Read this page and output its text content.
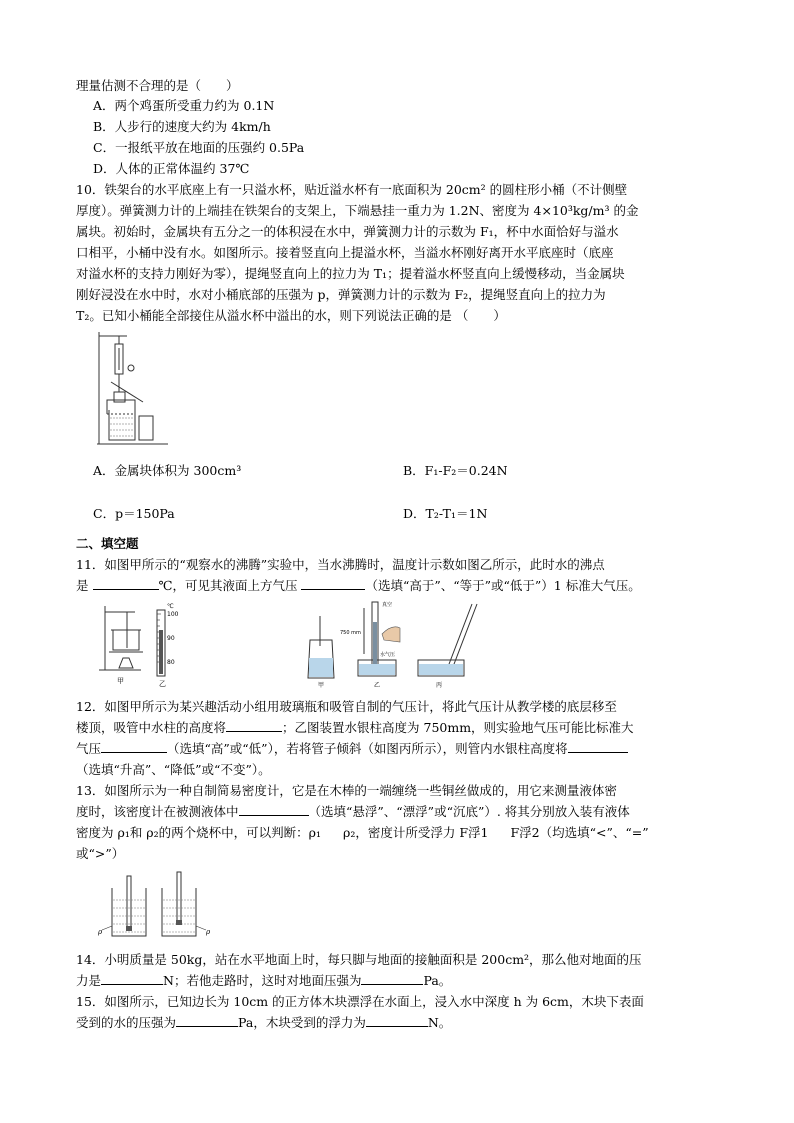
理量估测不合理的是（　　）
A．两个鸡蛋所受重力约为 0.1N
B．人步行的速度大约为 4km/h
C．一报纸平放在地面的压强约 0.5Pa
D．人体的正常体温约 37℃
10．铁架台的水平底座上有一只溢水杯，贴近溢水杯有一底面积为 20cm² 的圆柱形小桶（不计侧壁
厚度）。弹簧测力计的上端挂在铁架台的支架上，下端悬挂一重力为 1.2N、密度为 4×10³kg/m³ 的金
属块。初始时，金属块有五分之一的体积浸在水中，弹簧测力计的示数为 F₁，杯中水面恰好与溢水
口相平，小桶中没有水。如图所示。接着竖直向上提溢水杯，当溢水杯刚好离开水平底座时（底座
对溢水杯的支持力刚好为零），提绳竖直向上的拉力为 T₁；提着溢水杯竖直向上缓慢移动，当金属块
刚好浸没在水中时，水对小桶底部的压强为 p，弹簧测力计的示数为 F₂，提绳竖直向上的拉力为
T₂。已知小桶能全部接住从溢水杯中溢出的水，则下列说法正确的是 （　　）
A．金属块体积为 300cm³	B．F₁-F₂＝0.24N
C．p＝150Pa	D．T₂-T₁＝1N
二、填空题
11．如图甲所示的“观察水的沸腾”实验中，当水沸腾时，温度计示数如图乙所示，此时水的沸点
是	℃，可见其液面上方气压	（选填“高于”、“等于”或“低于”）1 标准大气压。
甲
℃
100
90
80
乙	甲
真空
750 mm
水气压
乙	丙
12．如图甲所示为某兴趣活动小组用玻璃瓶和吸管自制的气压计，将此气压计从教学楼的底层移至
楼顶，吸管中水柱的高度将	；乙图装置水银柱高度为 750mm，则实验地气压可能比标准大
气压	（选填“高”或“低”），若将管子倾斜（如图丙所示），则管内水银柱高度将
（选填“升高”、“降低”或“不变”）。
13．如图所示为一种自制简易密度计，它是在木棒的一端缠绕一些铜丝做成的，用它来测量液体密
度时，该密度计在被测液体中	（选填“悬浮”、“漂浮”或“沉底”）. 将其分别放入装有液体
密度为 ρ₁和 ρ₂的两个烧杯中，可以判断：ρ₁ ρ₂，密度计所受浮力 F浮1 F浮2（均选填“<”、“=”
或“>”）
ρ	ρ
14．小明质量是 50kg，站在水平地面上时，每只脚与地面的接触面积是 200cm²，那么他对地面的压
力是	N；若他走路时，这时对地面压强为	Pa。
15．如图所示，已知边长为 10cm 的正方体木块漂浮在水面上，浸入水中深度 h 为 6cm，木块下表面
受到的水的压强为	Pa，木块受到的浮力为	N。
